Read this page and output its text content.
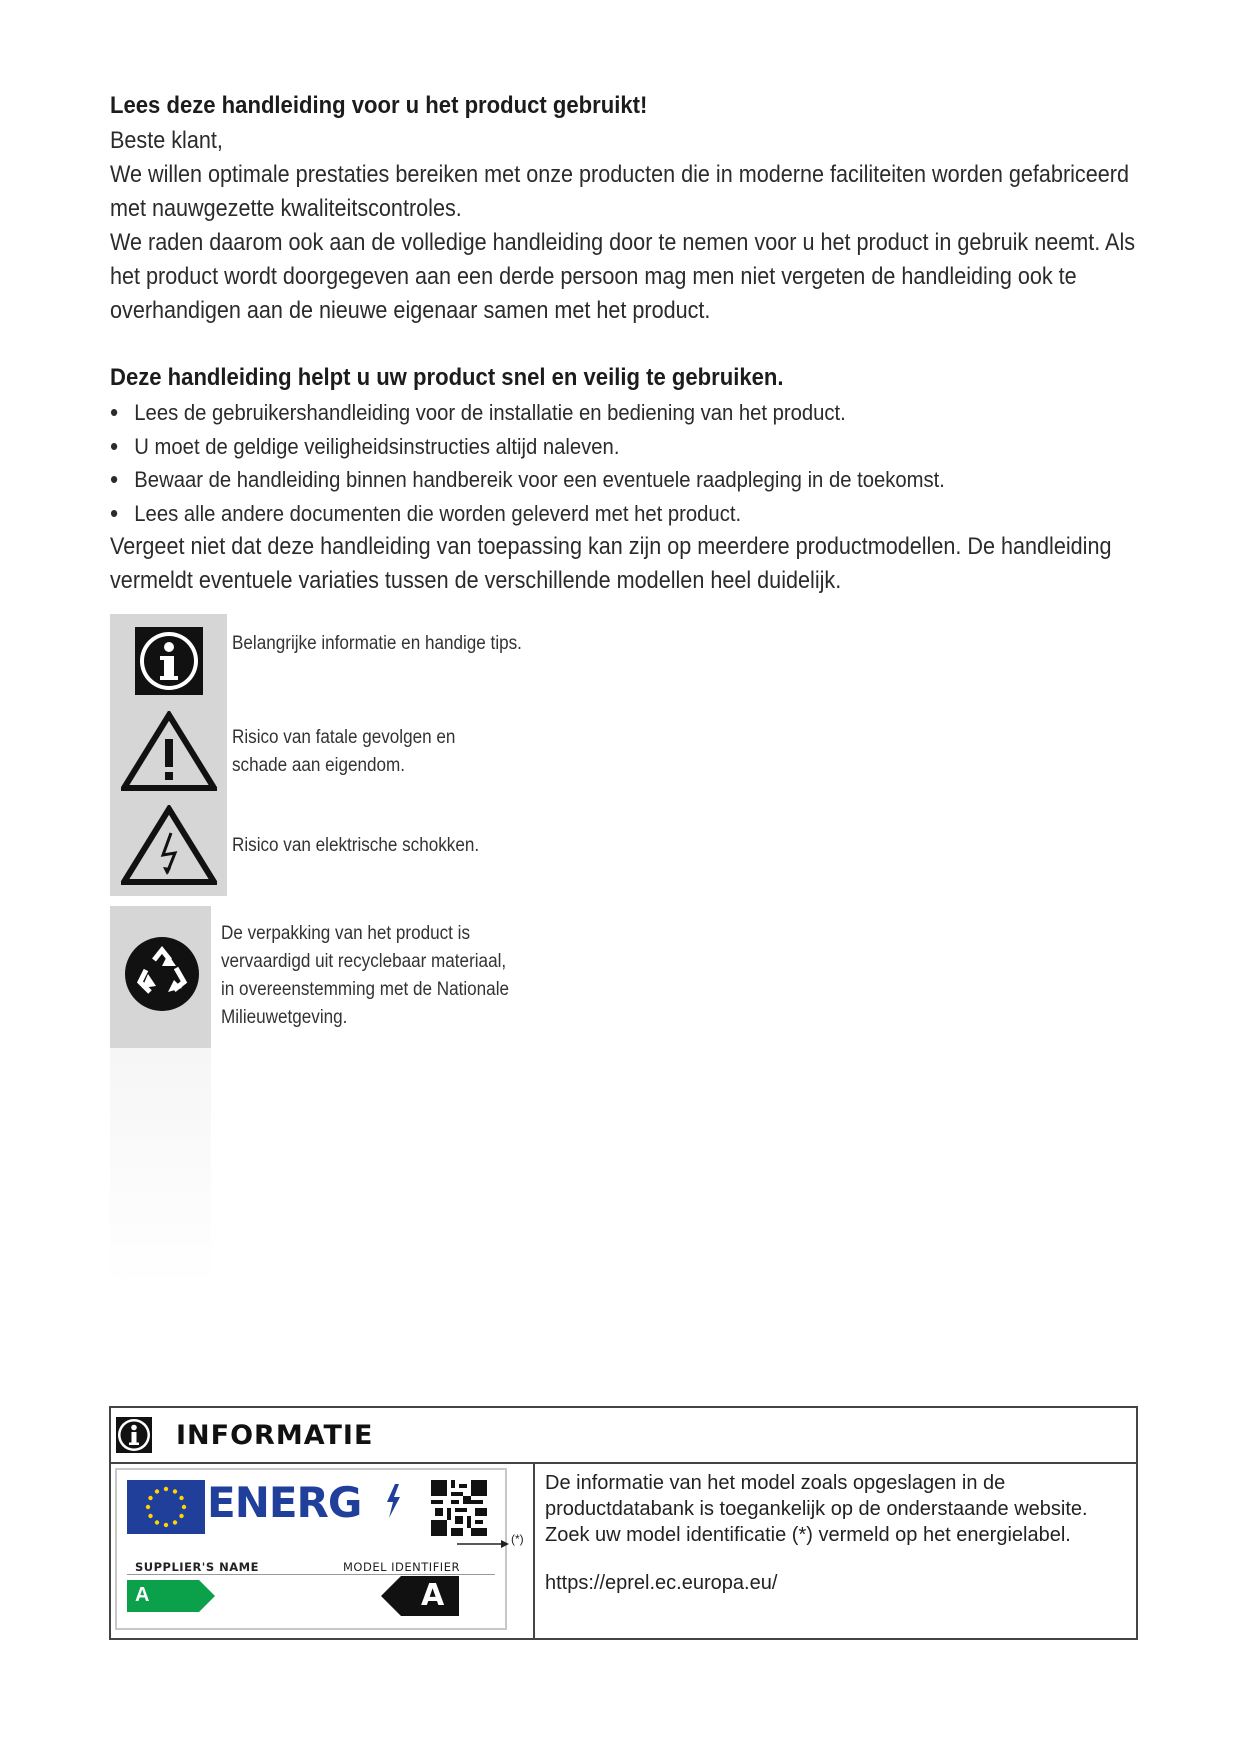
Lees deze handleiding voor u het product gebruikt!

Beste klant,

We willen optimale prestaties bereiken met onze producten die in moderne faciliteiten worden gefabriceerd met nauwgezette kwaliteitscontroles.

We raden daarom ook aan de volledige handleiding door te nemen voor u het product in gebruik neemt. Als het product wordt doorgegeven aan een derde persoon mag men niet vergeten de handleiding ook te overhandigen aan de nieuwe eigenaar samen met het product.

Deze handleiding helpt u uw product snel en veilig te gebruiken.
• Lees de gebruikershandleiding voor de installatie en bediening van het product.
• U moet de geldige veiligheidsinstructies altijd naleven.
• Bewaar de handleiding binnen handbereik voor een eventuele raadpleging in de toekomst.
• Lees alle andere documenten die worden geleverd met het product.

Vergeet niet dat deze handleiding van toepassing kan zijn op meerdere productmodellen. De handleiding vermeldt eventuele variaties tussen de verschillende modellen heel duidelijk.

Belangrijke informatie en handige tips.
Risico van fatale gevolgen en schade aan eigendom.
Risico van elektrische schokken.
De verpakking van het product is vervaardigd uit recyclebaar materiaal, in overeenstemming met de Nationale Milieuwetgeving.
INFORMATIE
ENERG
SUPPLIER'S NAME	MODEL IDENTIFIER
A	A
(*)
De informatie van het model zoals opgeslagen in de productdatabank is toegankelijk op de onderstaande website. Zoek uw model identificatie (*) vermeld op het energielabel.
https://eprel.ec.europa.eu/
